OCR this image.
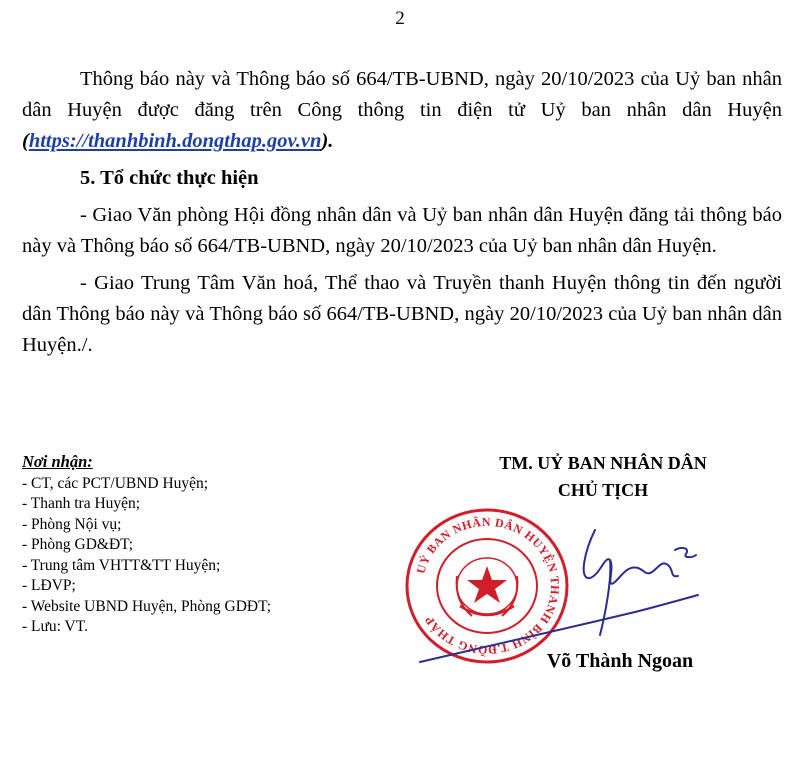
2

Thông báo này và Thông báo số 664/TB-UBND, ngày 20/10/2023 của Uỷ ban nhân dân Huyện được đăng trên Công thông tin điện tử Uỷ ban nhân dân Huyện (https://thanhbinh.dongthap.gov.vn).

5. Tổ chức thực hiện

- Giao Văn phòng Hội đồng nhân dân và Uỷ ban nhân dân Huyện đăng tải thông báo này và Thông báo số 664/TB-UBND, ngày 20/10/2023 của Uỷ ban nhân dân Huyện.

- Giao Trung Tâm Văn hoá, Thể thao và Truyền thanh Huyện thông tin đến người dân Thông báo này và Thông báo số 664/TB-UBND, ngày 20/10/2023 của Uỷ ban nhân dân Huyện./.

Nơi nhận:
- CT, các PCT/UBND Huyện;
- Thanh tra Huyện;
- Phòng Nội vụ;
- Phòng GD&ĐT;
- Trung tâm VHTT&TT Huyện;
- LĐVP;
- Website UBND Huyện, Phòng GDĐT;
- Lưu: VT.
TM. UỶ BAN NHÂN DÂN
CHỦ TỊCH
UỶ BAN NHÂN DÂN HUYỆN THANH BÌNH T.ĐỒNG THÁP
Võ Thành Ngoan
